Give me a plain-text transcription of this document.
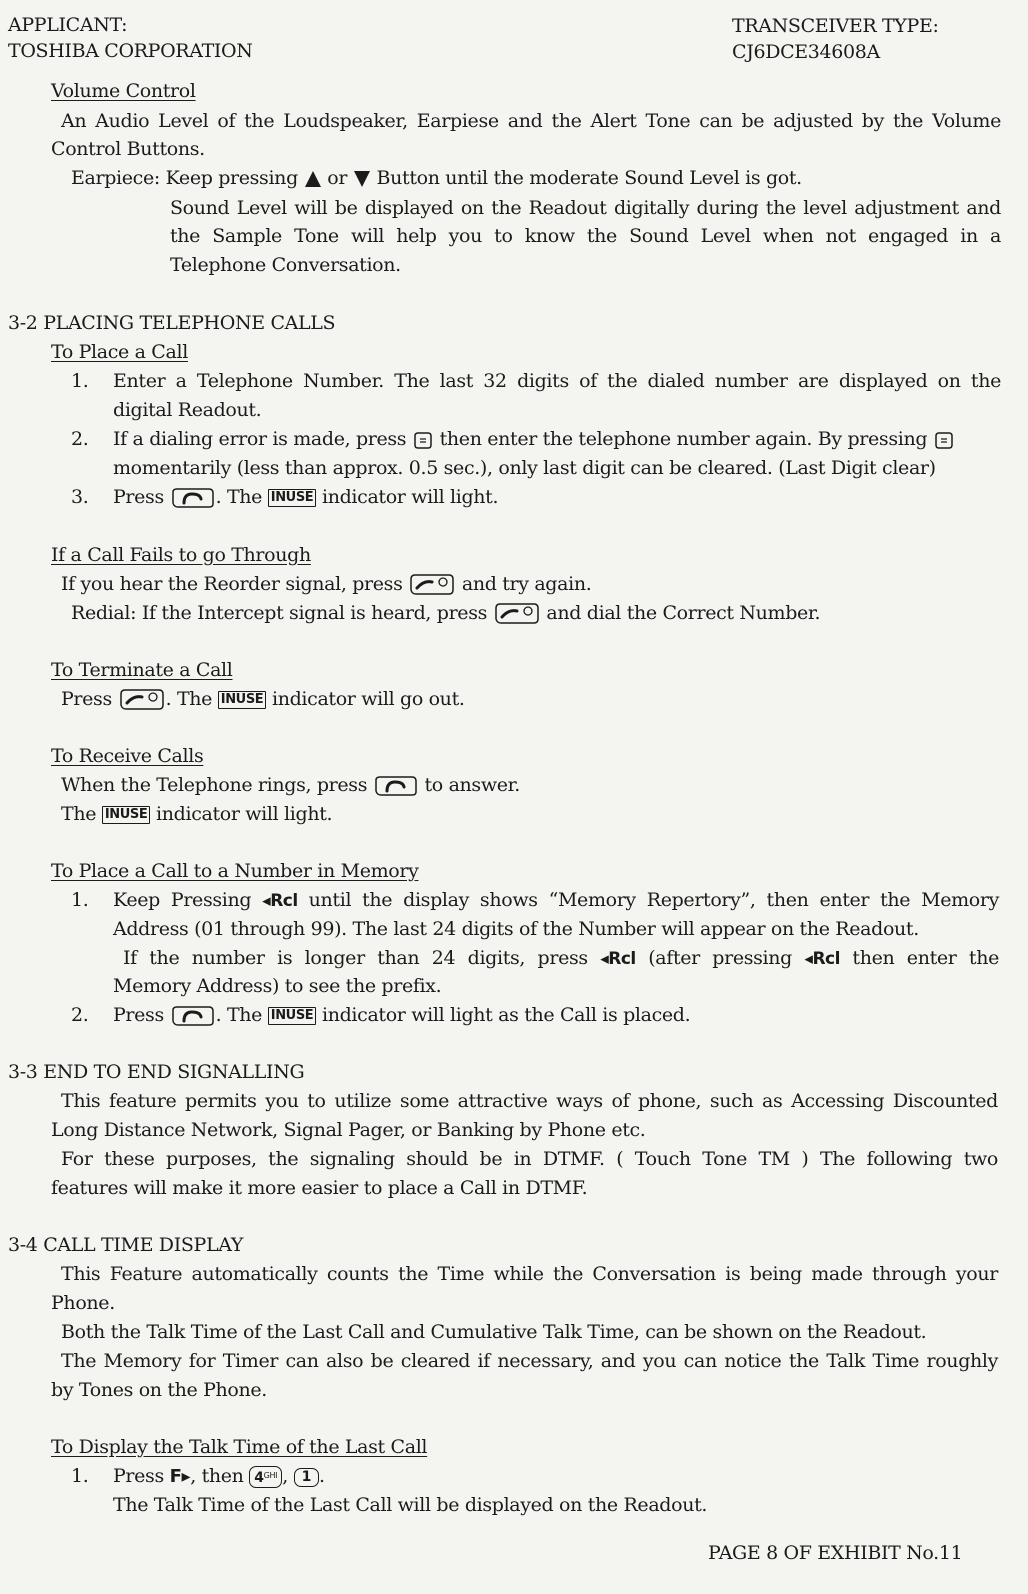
APPLICANT:
TOSHIBA CORPORATION
TRANSCEIVER TYPE:
CJ6DCE34608A
Volume Control
An Audio Level of the Loudspeaker, Earpiese and the Alert Tone can be adjusted by the Volume
Control Buttons.
Earpiece: Keep pressing or Button until the moderate Sound Level is got.
Sound Level will be displayed on the Readout digitally during the level adjustment and
the Sample Tone will help you to know the Sound Level when not engaged in a
Telephone Conversation.
3-2 PLACING TELEPHONE CALLS
To Place a Call
1. Enter a Telephone Number. The last 32 digits of the dialed number are displayed on the
digital Readout.
2. If a dialing error is made, press then enter the telephone number again. By pressing
momentarily (less than approx. 0.5 sec.), only last digit can be cleared. (Last Digit clear)
3. Press	. The INUSE indicator will light.
If a Call Fails to go Through
If you hear the Reorder signal, press	and try again.
Redial: If the Intercept signal is heard, press	and dial the Correct Number.
To Terminate a Call
Press	. The INUSE indicator will go out.
To Receive Calls
When the Telephone rings, press	to answer.
The INUSE indicator will light.
To Place a Call to a Number in Memory
1. Keep Pressing ◂Rcl until the display shows “Memory Repertory”, then enter the Memory
Address (01 through 99). The last 24 digits of the Number will appear on the Readout.
If the number is longer than 24 digits, press ◂Rcl (after pressing ◂Rcl then enter the
Memory Address) to see the prefix.
2. Press	. The INUSE indicator will light as the Call is placed.
3-3 END TO END SIGNALLING
This feature permits you to utilize some attractive ways of phone, such as Accessing Discounted
Long Distance Network, Signal Pager, or Banking by Phone etc.
For these purposes, the signaling should be in DTMF. ( Touch Tone TM ) The following two
features will make it more easier to place a Call in DTMF.
3-4 CALL TIME DISPLAY
This Feature automatically counts the Time while the Conversation is being made through your
Phone.
Both the Talk Time of the Last Call and Cumulative Talk Time, can be shown on the Readout.
The Memory for Timer can also be cleared if necessary, and you can notice the Talk Time roughly
by Tones on the Phone.
To Display the Talk Time of the Last Call
1. Press F▸, then $4^{GHI}$ , 1 .
The Talk Time of the Last Call will be displayed on the Readout.
PAGE 8 OF EXHIBIT No.11
